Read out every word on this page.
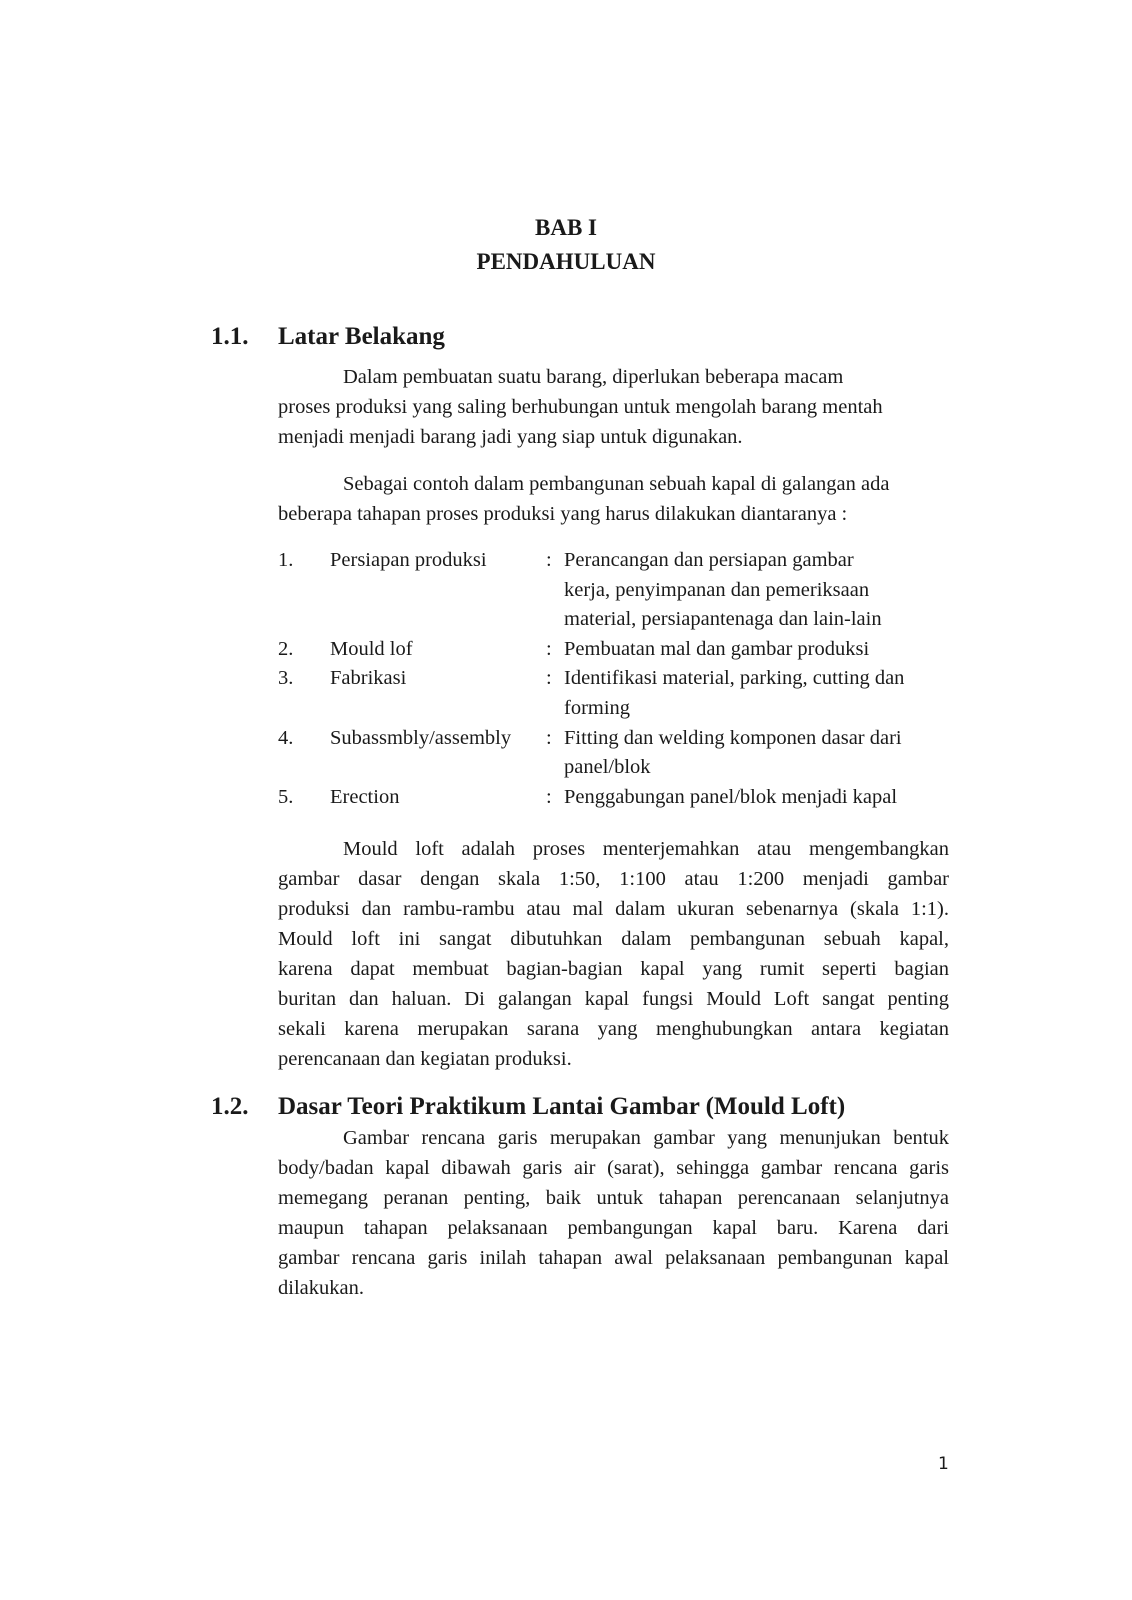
BAB I
PENDAHULUAN
1.1. Latar Belakang
Dalam pembuatan suatu barang, diperlukan beberapa macam
proses produksi yang saling berhubungan untuk mengolah barang mentah
menjadi menjadi barang jadi yang siap untuk digunakan.
Sebagai contoh dalam pembangunan sebuah kapal di galangan ada
beberapa tahapan proses produksi yang harus dilakukan diantaranya :
1. Persiapan produksi	: Perancangan dan persiapan gambar
kerja, penyimpanan dan pemeriksaan
material, persiapantenaga dan lain-lain
2. Mould lof	: Pembuatan mal dan gambar produksi
3. Fabrikasi	: Identifikasi material, parking, cutting dan
forming
4. Subassmbly/assembly : Fitting dan welding komponen dasar dari
panel/blok
5. Erection	: Penggabungan panel/blok menjadi kapal
Mould loft adalah proses menterjemahkan atau mengembangkan
gambar dasar dengan skala 1:50, 1:100 atau 1:200 menjadi gambar
produksi dan rambu-rambu atau mal dalam ukuran sebenarnya (skala 1:1).
Mould loft ini sangat dibutuhkan dalam pembangunan sebuah kapal,
karena dapat membuat bagian-bagian kapal yang rumit seperti bagian
buritan dan haluan. Di galangan kapal fungsi Mould Loft sangat penting
sekali karena merupakan sarana yang menghubungkan antara kegiatan
perencanaan dan kegiatan produksi.
1.2. Dasar Teori Praktikum Lantai Gambar (Mould Loft)
Gambar rencana garis merupakan gambar yang menunjukan bentuk
body/badan kapal dibawah garis air (sarat), sehingga gambar rencana garis
memegang peranan penting, baik untuk tahapan perencanaan selanjutnya
maupun tahapan pelaksanaan pembangungan kapal baru. Karena dari
gambar rencana garis inilah tahapan awal pelaksanaan pembangunan kapal
dilakukan.
1
